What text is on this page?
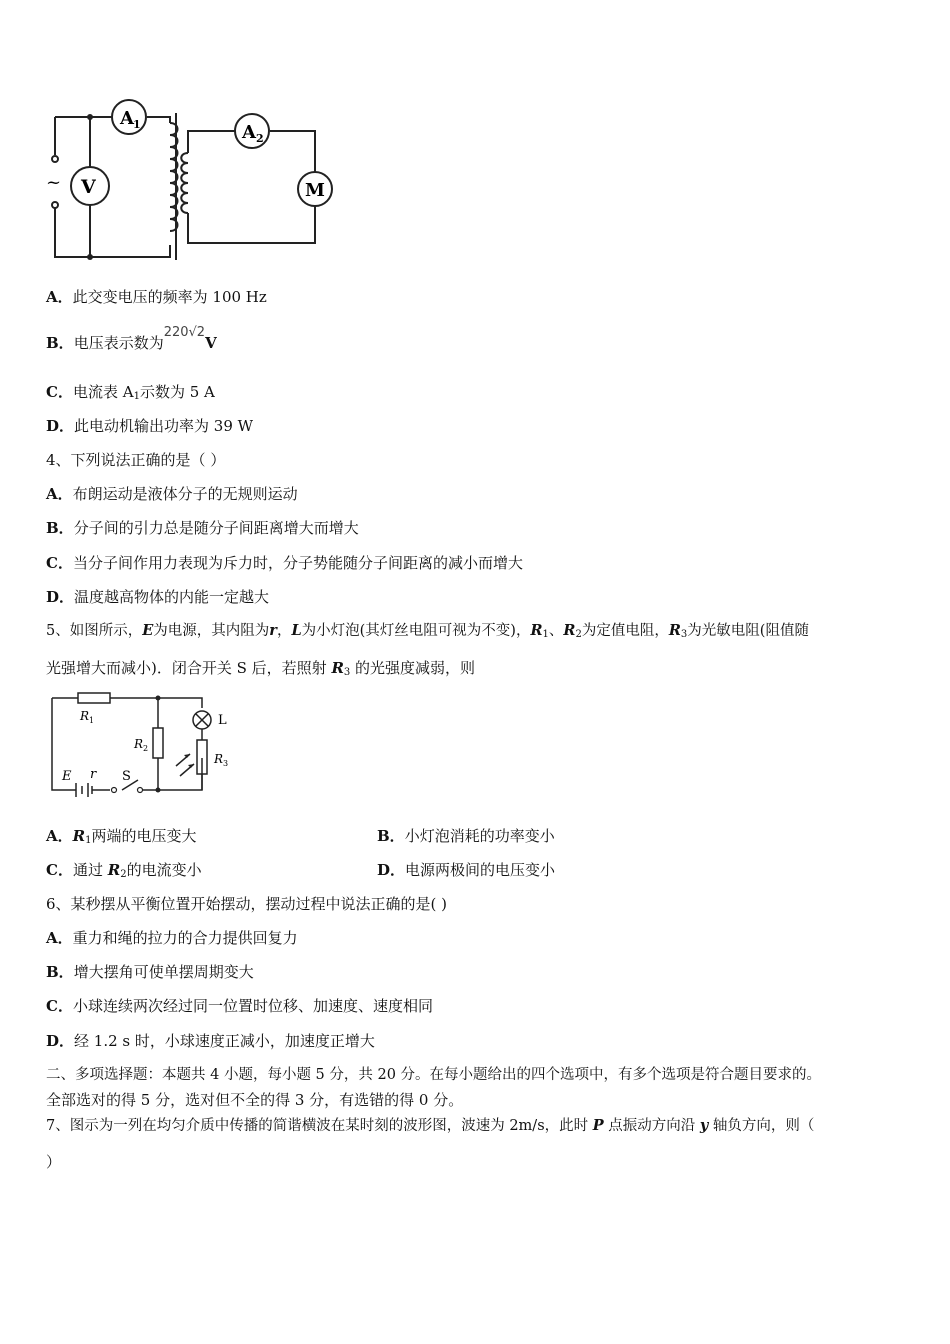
A 1	A 2
V	M
~
A．此交变电压的频率为 100 Hz
B．电压表示数为220√2V
C．电流表 $A_1$示数为 5 A
D．此电动机输出功率为 39 W
4、下列说法正确的是（ ）
A．布朗运动是液体分子的无规则运动
B．分子间的引力总是随分子间距离增大而增大
C．当分子间作用力表现为斥力时，分子势能随分子间距离的减小而增大
D．温度越高物体的内能一定越大
5、如图所示，E为电源，其内阻为r，L为小灯泡(其灯丝电阻可视为不变)，$R_1$、$R_2$为定值电阻，$R_3$为光敏电阻(阻值随
光强增大而减小)．闭合开关 S 后，若照射 $R_3$ 的光强度减弱，则
R 1
R 2
R 3
L
E r S
A．$R_1$两端的电压变大	B．小灯泡消耗的功率变小
C．通过 $R_2$的电流变小	D．电源两极间的电压变小
6、某秒摆从平衡位置开始摆动，摆动过程中说法正确的是( )
A．重力和绳的拉力的合力提供回复力
B．增大摆角可使单摆周期变大
C．小球连续两次经过同一位置时位移、加速度、速度相同
D．经 1.2 s 时，小球速度正减小，加速度正增大
二、多项选择题：本题共 4 小题，每小题 5 分，共 20 分。在每小题给出的四个选项中，有多个选项是符合题目要求的。
全部选对的得 5 分，选对但不全的得 3 分，有选错的得 0 分。
7、图示为一列在均匀介质中传播的简谐横波在某时刻的波形图，波速为 2m/s，此时 P 点振动方向沿 y 轴负方向，则（
）
